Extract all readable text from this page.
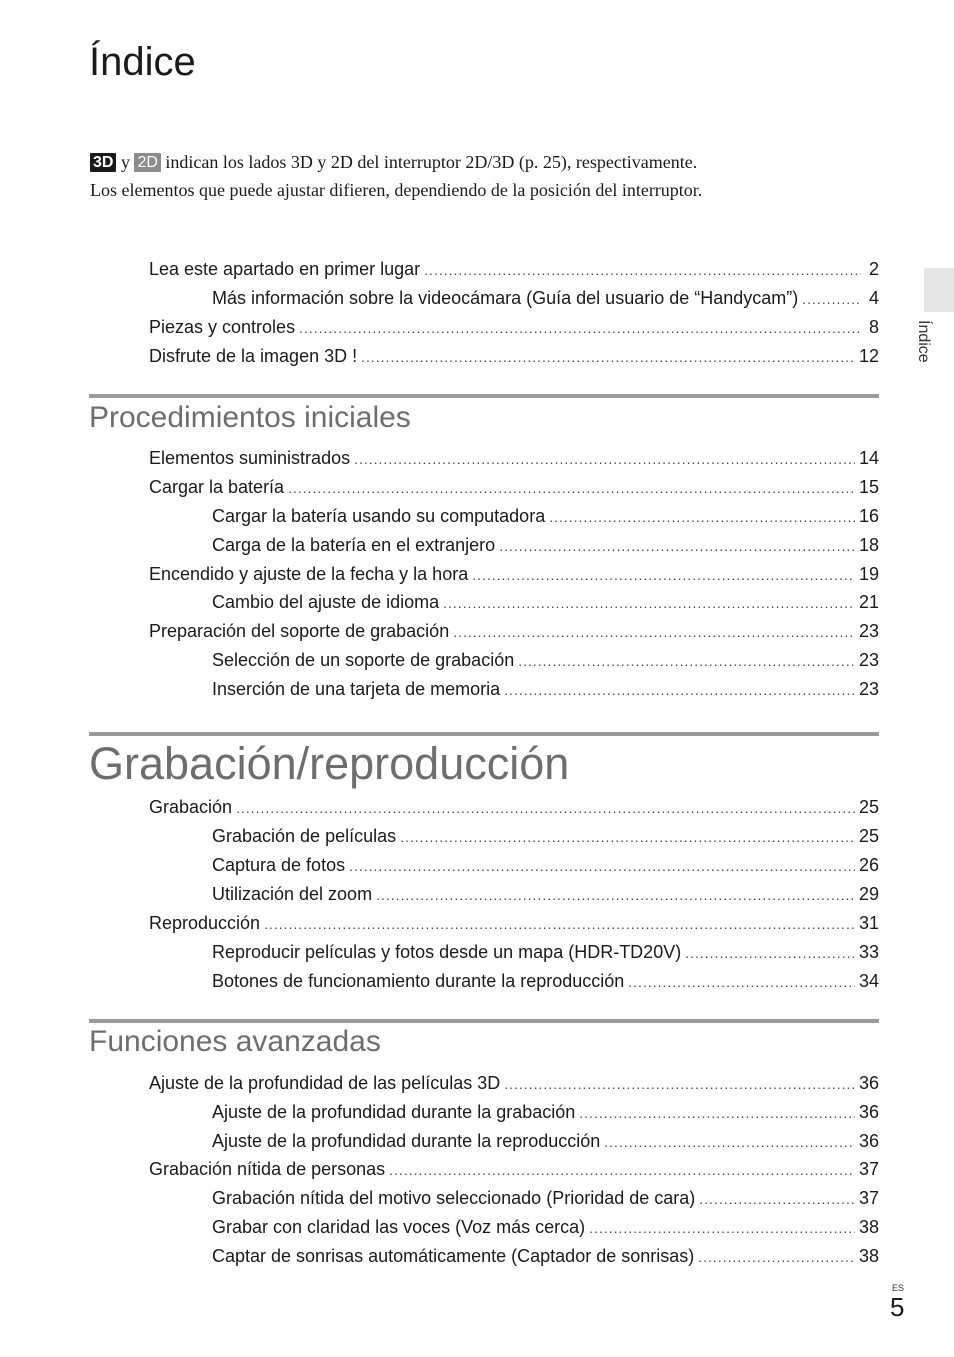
Índice
3D y 2D indican los lados 3D y 2D del interruptor 2D/3D (p. 25), respectivamente.
Los elementos que puede ajustar difieren, dependiendo de la posición del interruptor.
Lea este apartado en primer lugar .....	2
Más información sobre la videocámara (Guía del usuario de “Handycam”) .....	4
Piezas y controles .....	8
Disfrute de la imagen 3D ! .....	12
Procedimientos iniciales
Elementos suministrados .....	14
Cargar la batería .....	15
Cargar la batería usando su computadora .....	16
Carga de la batería en el extranjero .....	18
Encendido y ajuste de la fecha y la hora .....	19
Cambio del ajuste de idioma .....	21
Preparación del soporte de grabación .....	23
Selección de un soporte de grabación .....	23
Inserción de una tarjeta de memoria .....	23
Grabación/reproducción
Grabación .....	25
Grabación de películas .....	25
Captura de fotos .....	26
Utilización del zoom .....	29
Reproducción .....	31
Reproducir películas y fotos desde un mapa (HDR-TD20V) .....	33
Botones de funcionamiento durante la reproducción .....	34
Funciones avanzadas
Ajuste de la profundidad de las películas 3D .....	36
Ajuste de la profundidad durante la grabación .....	36
Ajuste de la profundidad durante la reproducción .....	36
Grabación nítida de personas .....	37
Grabación nítida del motivo seleccionado (Prioridad de cara) .....	37
Grabar con claridad las voces (Voz más cerca) .....	38
Captar de sonrisas automáticamente (Captador de sonrisas) .....	38
Índice
ES
5
